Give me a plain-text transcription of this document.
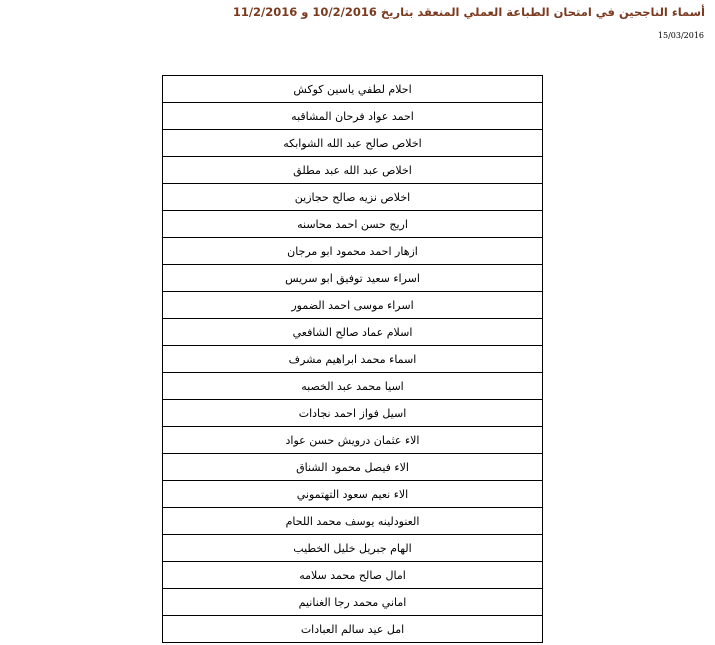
أسماء الناجحين في امتحان الطباعة العملي المنعقد بتاريخ 10/2/2016 و 11/2/2016
15/03/2016
احلام لطفي ياسين كوكش
احمد عواد فرحان المشاقبه
اخلاص صالح عبد الله الشوابكه
اخلاص عبد الله عبد مطلق
اخلاص نزيه صالح حجازين
اريج حسن احمد محاسنه
ازهار احمد محمود ابو مرجان
اسراء سعيد توفيق ابو سريس
اسراء موسى احمد الضمور
اسلام عماد صالح الشافعي
اسماء محمد ابراهيم مشرف
اسيا محمد عبد الخصبه
اسيل فواز احمد نجادات
الاء عثمان درويش حسن عواد
الاء فيصل محمود الشناق
الاء نعيم سعود التهتموني
العنودلينه يوسف محمد اللحام
الهام جبريل خليل الخطيب
امال صالح محمد سلامه
اماني محمد رجا الغنانيم
امل عيد سالم العبادات
